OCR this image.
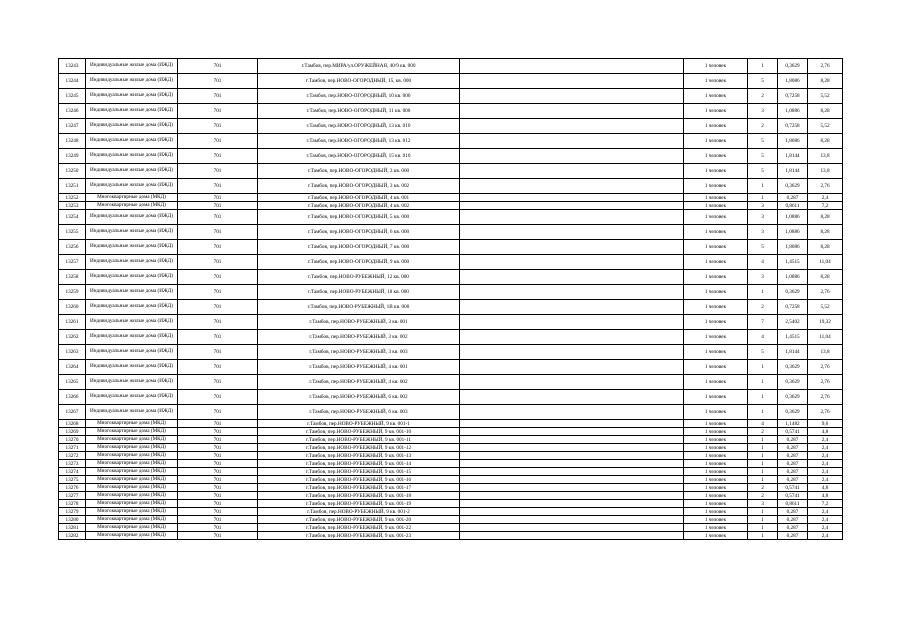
13243	Индивидуальные жилые дома (ИЖД)	701	г.Тамбов, пер.МИРА/ул.ОРУЖЕЙНАЯ, 40/9 кв. 000		1 человек	1	0,3629	2,76
13244	Индивидуальные жилые дома (ИЖД)	701	г.Тамбов, пер.НОВО-ОГОРОДНЫЙ, 15, кв. 000		1 человек	5	1,8086	8,28
13245	Индивидуальные жилые дома (ИЖД)	701	г.Тамбов, пер.НОВО-ОГОРОДНЫЙ, 10 кв. 000		1 человек	2	0,7258	5,52
13246	Индивидуальные жилые дома (ИЖД)	701	г.Тамбов, пер.НОВО-ОГОРОДНЫЙ, 11 кв. 000		1 человек	3	1,0886	8,28
13247	Индивидуальные жилые дома (ИЖД)	701	г.Тамбов, пер.НОВО-ОГОРОДНЫЙ, 13 кв. 010		1 человек	2	0,7258	5,52
13248	Индивидуальные жилые дома (ИЖД)	701	г.Тамбов, пер.НОВО-ОГОРОДНЫЙ, 13 кв. 012		1 человек	5	1,8086	8,28
13249	Индивидуальные жилые дома (ИЖД)	701	г.Тамбов, пер.НОВО-ОГОРОДНЫЙ, 15 кв. 010		1 человек	5	1,8144	13,8
13250	Индивидуальные жилые дома (ИЖД)	701	г.Тамбов, пер.НОВО-ОГОРОДНЫЙ, 3 кв. 000		1 человек	5	1,8144	13,8
13251	Индивидуальные жилые дома (ИЖД)	701	г.Тамбов, пер.НОВО-ОГОРОДНЫЙ, 3 кв. 002		1 человек	1	0,3629	2,76
13252	Многоквартирные дома (МКД)	701	г.Тамбов, пер.НОВО-ОГОРОДНЫЙ, 4 кв. 001		1 человек	1	0,287	2,4
13253	Многоквартирные дома (МКД)	701	г.Тамбов, пер.НОВО-ОГОРОДНЫЙ, 4 кв. 002		1 человек	3	0,8611	7,2
13254	Индивидуальные жилые дома (ИЖД)	701	г.Тамбов, пер.НОВО-ОГОРОДНЫЙ, 5 кв. 000		1 человек	3	1,0886	8,28
13255	Индивидуальные жилые дома (ИЖД)	701	г.Тамбов, пер.НОВО-ОГОРОДНЫЙ, 6 кв. 000		1 человек	3	1,0886	8,28
13256	Индивидуальные жилые дома (ИЖД)	701	г.Тамбов, пер.НОВО-ОГОРОДНЫЙ, 7 кв. 000		1 человек	5	1,8086	8,28
13257	Индивидуальные жилые дома (ИЖД)	701	г.Тамбов, пер.НОВО-ОГОРОДНЫЙ, 9 кв. 000		1 человек	4	1,4515	11,04
13258	Индивидуальные жилые дома (ИЖД)	701	г.Тамбов, пер.НОВО-РУБЕЖНЫЙ, 12 кв. 000		1 человек	3	1,0886	8,28
13259	Индивидуальные жилые дома (ИЖД)	701	г.Тамбов, пер.НОВО-РУБЕЖНЫЙ, 18 кв. 000		1 человек	1	0,3629	2,76
13260	Индивидуальные жилые дома (ИЖД)	701	г.Тамбов, пер.НОВО-РУБЕЖНЫЙ, 1В кв. 000		1 человек	2	0,7258	5,52
13261	Индивидуальные жилые дома (ИЖД)	701	г.Тамбов, пер.НОВО-РУБЕЖНЫЙ, 3 кв. 001		1 человек	7	2,5402	19,32
13262	Индивидуальные жилые дома (ИЖД)	701	г.Тамбов, пер.НОВО-РУБЕЖНЫЙ, 3 кв. 002		1 человек	4	1,4515	11,04
13263	Индивидуальные жилые дома (ИЖД)	701	г.Тамбов, пер.НОВО-РУБЕЖНЫЙ, 3 кв. 003		1 человек	5	1,8144	13,8
13264	Индивидуальные жилые дома (ИЖД)	701	г.Тамбов, пер.НОВО-РУБЕЖНЫЙ, 4 кв. 001		1 человек	1	0,3629	2,76
13265	Индивидуальные жилые дома (ИЖД)	701	г.Тамбов, пер.НОВО-РУБЕЖНЫЙ, 4 кв. 002		1 человек	1	0,3629	2,76
13266	Индивидуальные жилые дома (ИЖД)	701	г.Тамбов, пер.НОВО-РУБЕЖНЫЙ, 6 кв. 002		1 человек	1	0,3629	2,76
13267	Индивидуальные жилые дома (ИЖД)	701	г.Тамбов, пер.НОВО-РУБЕЖНЫЙ, 6 кв. 003		1 человек	1	0,3629	2,76
13268	Многоквартирные дома (МКД)	701	г.Тамбов, пер.НОВО-РУБЕЖНЫЙ, 9 кв. 001-1		1 человек	4	1,1482	9,6
13269	Многоквартирные дома (МКД)	701	г.Тамбов, пер.НОВО-РУБЕЖНЫЙ, 9 кв. 001-10		1 человек	2	0,5741	4,8
13270	Многоквартирные дома (МКД)	701	г.Тамбов, пер.НОВО-РУБЕЖНЫЙ, 9 кв. 001-11		1 человек	1	0,287	2,4
13271	Многоквартирные дома (МКД)	701	г.Тамбов, пер.НОВО-РУБЕЖНЫЙ, 9 кв. 001-12		1 человек	1	0,287	2,4
13272	Многоквартирные дома (МКД)	701	г.Тамбов, пер.НОВО-РУБЕЖНЫЙ, 9 кв. 001-13		1 человек	1	0,287	2,4
13273	Многоквартирные дома (МКД)	701	г.Тамбов, пер.НОВО-РУБЕЖНЫЙ, 9 кв. 001-14		1 человек	1	0,287	2,4
13274	Многоквартирные дома (МКД)	701	г.Тамбов, пер.НОВО-РУБЕЖНЫЙ, 9 кв. 001-15		1 человек	1	0,287	2,4
13275	Многоквартирные дома (МКД)	701	г.Тамбов, пер.НОВО-РУБЕЖНЫЙ, 9 кв. 001-16		1 человек	1	0,287	2,4
13276	Многоквартирные дома (МКД)	701	г.Тамбов, пер.НОВО-РУБЕЖНЫЙ, 9 кв. 001-17		1 человек	2	0,5741	4,8
13277	Многоквартирные дома (МКД)	701	г.Тамбов, пер.НОВО-РУБЕЖНЫЙ, 9 кв. 001-18		1 человек	2	0,5741	4,8
13278	Многоквартирные дома (МКД)	701	г.Тамбов, пер.НОВО-РУБЕЖНЫЙ, 9 кв. 001-19		1 человек	3	0,8611	7,2
13279	Многоквартирные дома (МКД)	701	г.Тамбов, пер.НОВО-РУБЕЖНЫЙ, 9 кв. 001-2		1 человек	1	0,287	2,4
13280	Многоквартирные дома (МКД)	701	г.Тамбов, пер.НОВО-РУБЕЖНЫЙ, 9 кв. 001-20		1 человек	1	0,287	2,4
13281	Многоквартирные дома (МКД)	701	г.Тамбов, пер.НОВО-РУБЕЖНЫЙ, 9 кв. 001-22		1 человек	1	0,287	2,4
13282	Многоквартирные дома (МКД)	701	г.Тамбов, пер.НОВО-РУБЕЖНЫЙ, 9 кв. 001-23		1 человек	1	0,287	2,4
